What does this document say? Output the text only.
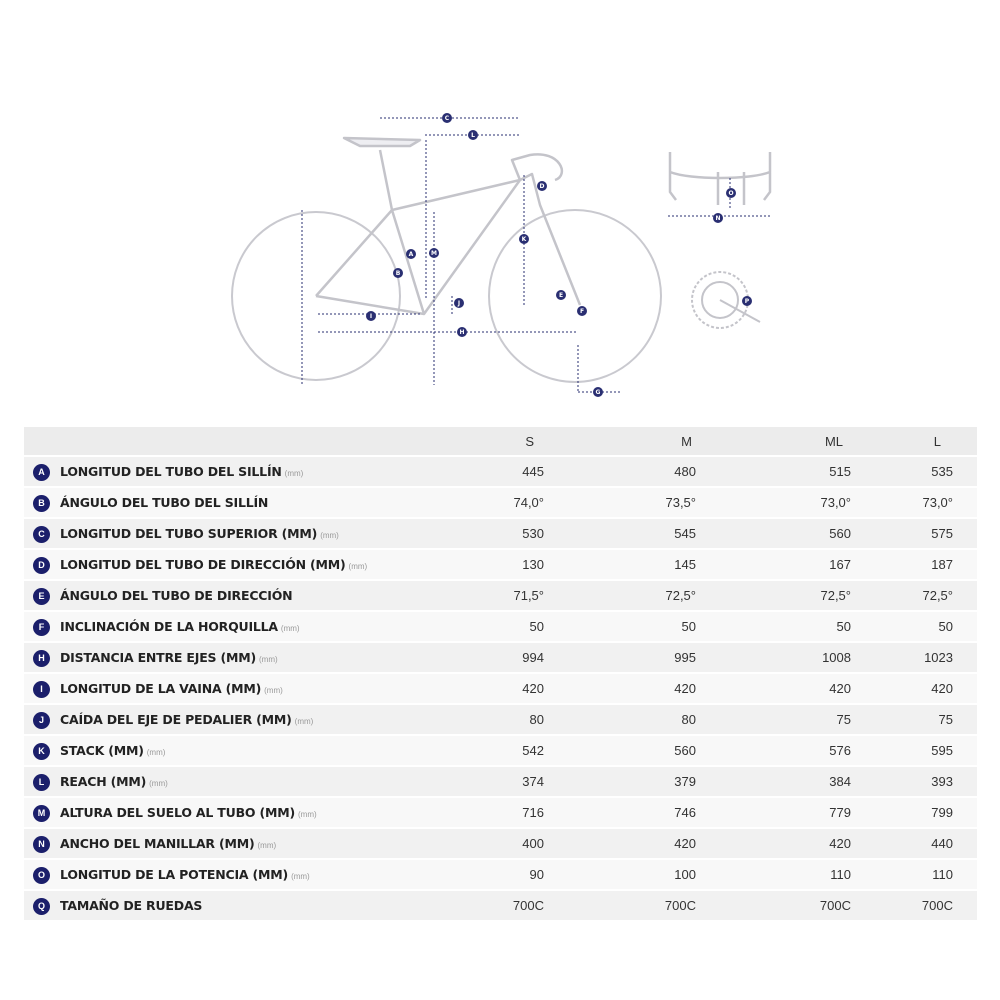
C
L
D
O
N
K
M
A
B
J
E
F
P
I
H
G
		S	M	ML	L
A	LONGITUD DEL TUBO DEL SILLÍN (mm)	445	480	515	535
B	ÁNGULO DEL TUBO DEL SILLÍN	74,0°	73,5°	73,0°	73,0°
C	LONGITUD DEL TUBO SUPERIOR (MM) (mm)	530	545	560	575
D	LONGITUD DEL TUBO DE DIRECCIÓN (MM) (mm)	130	145	167	187
E	ÁNGULO DEL TUBO DE DIRECCIÓN	71,5°	72,5°	72,5°	72,5°
F	INCLINACIÓN DE LA HORQUILLA (mm)	50	50	50	50
H	DISTANCIA ENTRE EJES (MM) (mm)	994	995	1008	1023
I	LONGITUD DE LA VAINA (MM) (mm)	420	420	420	420
J	CAÍDA DEL EJE DE PEDALIER (MM) (mm)	80	80	75	75
K	STACK (MM) (mm)	542	560	576	595
L	REACH (MM) (mm)	374	379	384	393
M	ALTURA DEL SUELO AL TUBO (MM) (mm)	716	746	779	799
N	ANCHO DEL MANILLAR (MM) (mm)	400	420	420	440
O	LONGITUD DE LA POTENCIA (MM) (mm)	90	100	110	110
Q	TAMAÑO DE RUEDAS	700C	700C	700C	700C
